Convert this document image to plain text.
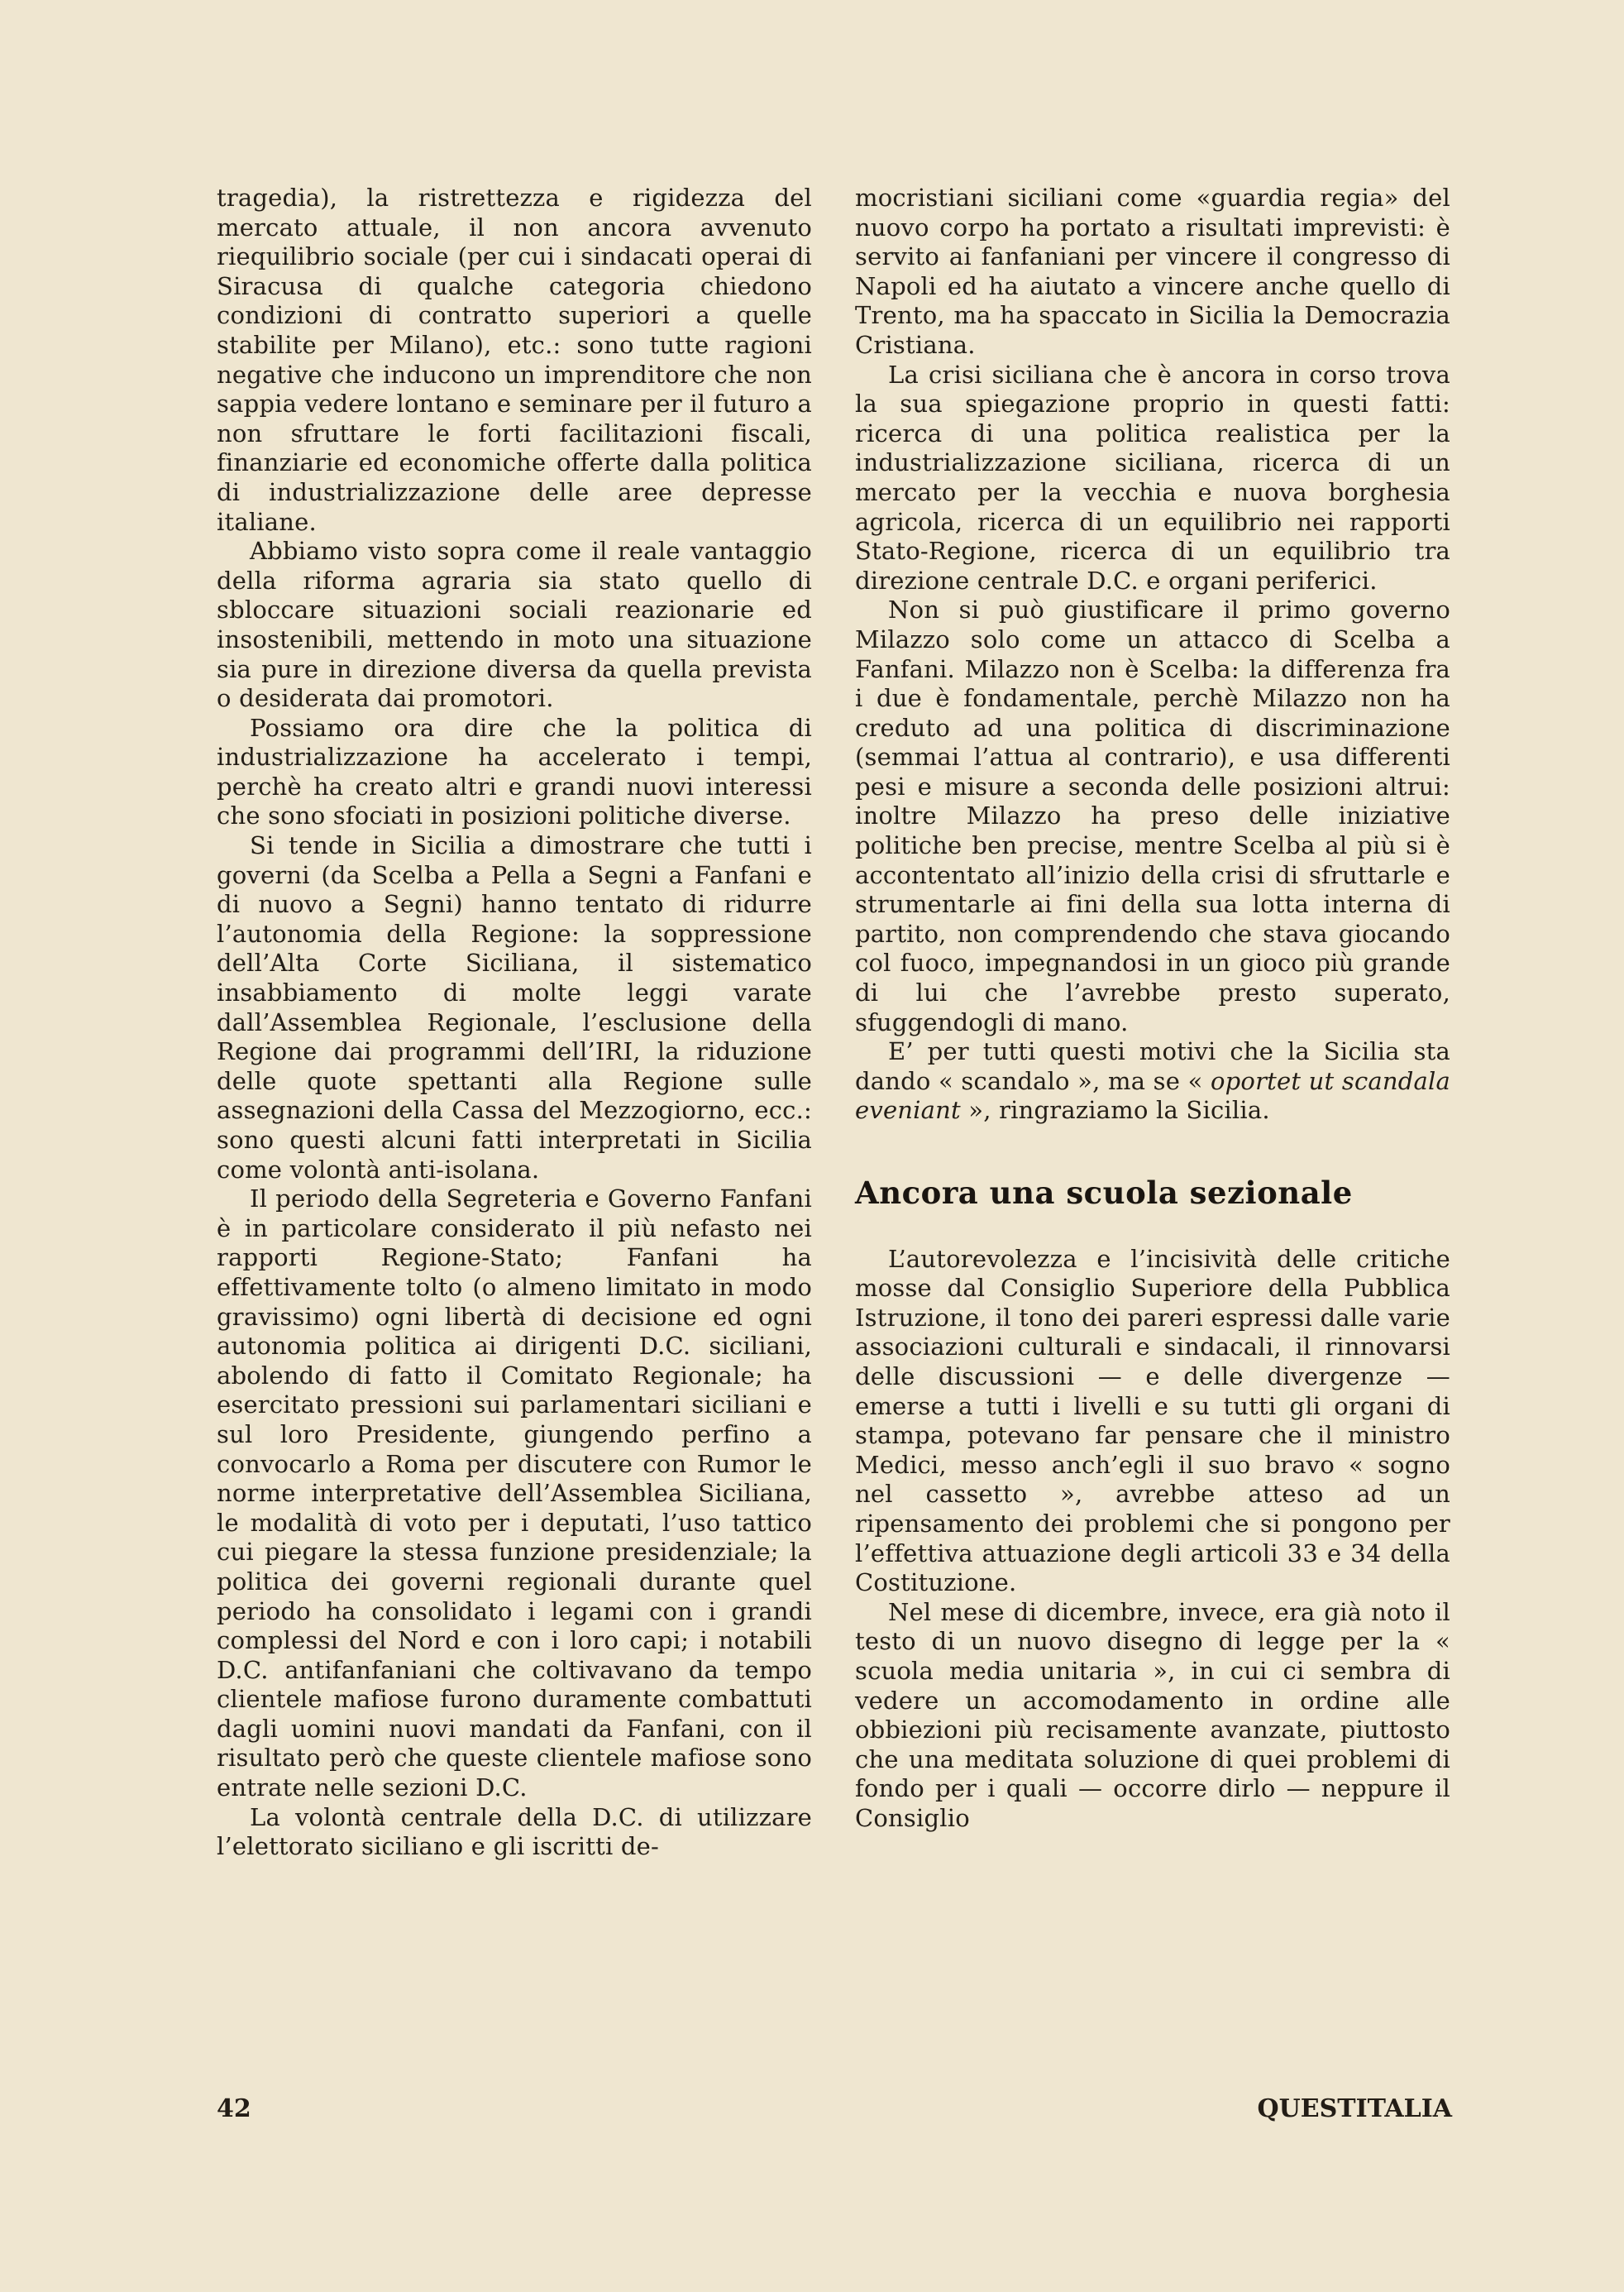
tragedia), la ristrettezza e rigidezza del mercato attuale, il non ancora avvenuto riequilibrio sociale (per cui i sindacati operai di Siracusa di qualche categoria chiedono condizioni di contratto superiori a quelle stabilite per Milano), etc.: sono tutte ragioni negative che inducono un imprenditore che non sappia vedere lontano e seminare per il futuro a non sfruttare le forti facilitazioni fiscali, finanziarie ed economiche offerte dalla politica di industrializzazione delle aree depresse italiane.

Abbiamo visto sopra come il reale vantaggio della riforma agraria sia stato quello di sbloccare situazioni sociali reazionarie ed insostenibili, mettendo in moto una situazione sia pure in direzione diversa da quella prevista o desiderata dai promotori.

Possiamo ora dire che la politica di industrializzazione ha accelerato i tempi, perchè ha creato altri e grandi nuovi interessi che sono sfociati in posizioni politiche diverse.

Si tende in Sicilia a dimostrare che tutti i governi (da Scelba a Pella a Segni a Fanfani e di nuovo a Segni) hanno tentato di ridurre l’autonomia della Regione: la soppressione dell’Alta Corte Siciliana, il sistematico insabbiamento di molte leggi varate dall’Assemblea Regionale, l’esclusione della Regione dai programmi dell’IRI, la riduzione delle quote spettanti alla Regione sulle assegnazioni della Cassa del Mezzogiorno, ecc.: sono questi alcuni fatti interpretati in Sicilia come volontà anti-isolana.

Il periodo della Segreteria e Governo Fanfani è in particolare considerato il più nefasto nei rapporti Regione-Stato; Fanfani ha effettivamente tolto (o almeno limitato in modo gravissimo) ogni libertà di decisione ed ogni autonomia politica ai dirigenti D.C. siciliani, abolendo di fatto il Comitato Regionale; ha esercitato pressioni sui parlamentari siciliani e sul loro Presidente, giungendo perfino a convocarlo a Roma per discutere con Rumor le norme interpretative dell’Assemblea Siciliana, le modalità di voto per i deputati, l’uso tattico cui piegare la stessa funzione presidenziale; la politica dei governi regionali durante quel periodo ha consolidato i legami con i grandi complessi del Nord e con i loro capi; i notabili D.C. antifanfaniani che coltivavano da tempo clientele mafiose furono duramente combattuti dagli uomini nuovi mandati da Fanfani, con il risultato però che queste clientele mafiose sono entrate nelle sezioni D.C.

La volontà centrale della D.C. di utilizzare l’elettorato siciliano e gli iscritti de-

mocristiani siciliani come «guardia regia» del nuovo corpo ha portato a risultati imprevisti: è servito ai fanfaniani per vincere il congresso di Napoli ed ha aiutato a vincere anche quello di Trento, ma ha spaccato in Sicilia la Democrazia Cristiana.

La crisi siciliana che è ancora in corso trova la sua spiegazione proprio in questi fatti: ricerca di una politica realistica per la industrializzazione siciliana, ricerca di un mercato per la vecchia e nuova borghesia agricola, ricerca di un equilibrio nei rapporti Stato-Regione, ricerca di un equilibrio tra direzione centrale D.C. e organi periferici.

Non si può giustificare il primo governo Milazzo solo come un attacco di Scelba a Fanfani. Milazzo non è Scelba: la differenza fra i due è fondamentale, perchè Milazzo non ha creduto ad una politica di discriminazione (semmai l’attua al contrario), e usa differenti pesi e misure a seconda delle posizioni altrui: inoltre Milazzo ha preso delle iniziative politiche ben precise, mentre Scelba al più si è accontentato all’inizio della crisi di sfruttarle e strumentarle ai fini della sua lotta interna di partito, non comprendendo che stava giocando col fuoco, impegnandosi in un gioco più grande di lui che l’avrebbe presto superato, sfuggendogli di mano.

E’ per tutti questi motivi che la Sicilia sta dando « scandalo », ma se « oportet ut scandala eveniant », ringraziamo la Sicilia.

Ancora una scuola sezionale

L’autorevolezza e l’incisività delle critiche mosse dal Consiglio Superiore della Pubblica Istruzione, il tono dei pareri espressi dalle varie associazioni culturali e sindacali, il rinnovarsi delle discussioni — e delle divergenze — emerse a tutti i livelli e su tutti gli organi di stampa, potevano far pensare che il ministro Medici, messo anch’egli il suo bravo « sogno nel cassetto », avrebbe atteso ad un ripensamento dei problemi che si pongono per l’effettiva attuazione degli articoli 33 e 34 della Costituzione.

Nel mese di dicembre, invece, era già noto il testo di un nuovo disegno di legge per la « scuola media unitaria », in cui ci sembra di vedere un accomodamento in ordine alle obbiezioni più recisamente avanzate, piuttosto che una meditata soluzione di quei problemi di fondo per i quali — occorre dirlo — neppure il Consiglio

42	QUESTITALIA
